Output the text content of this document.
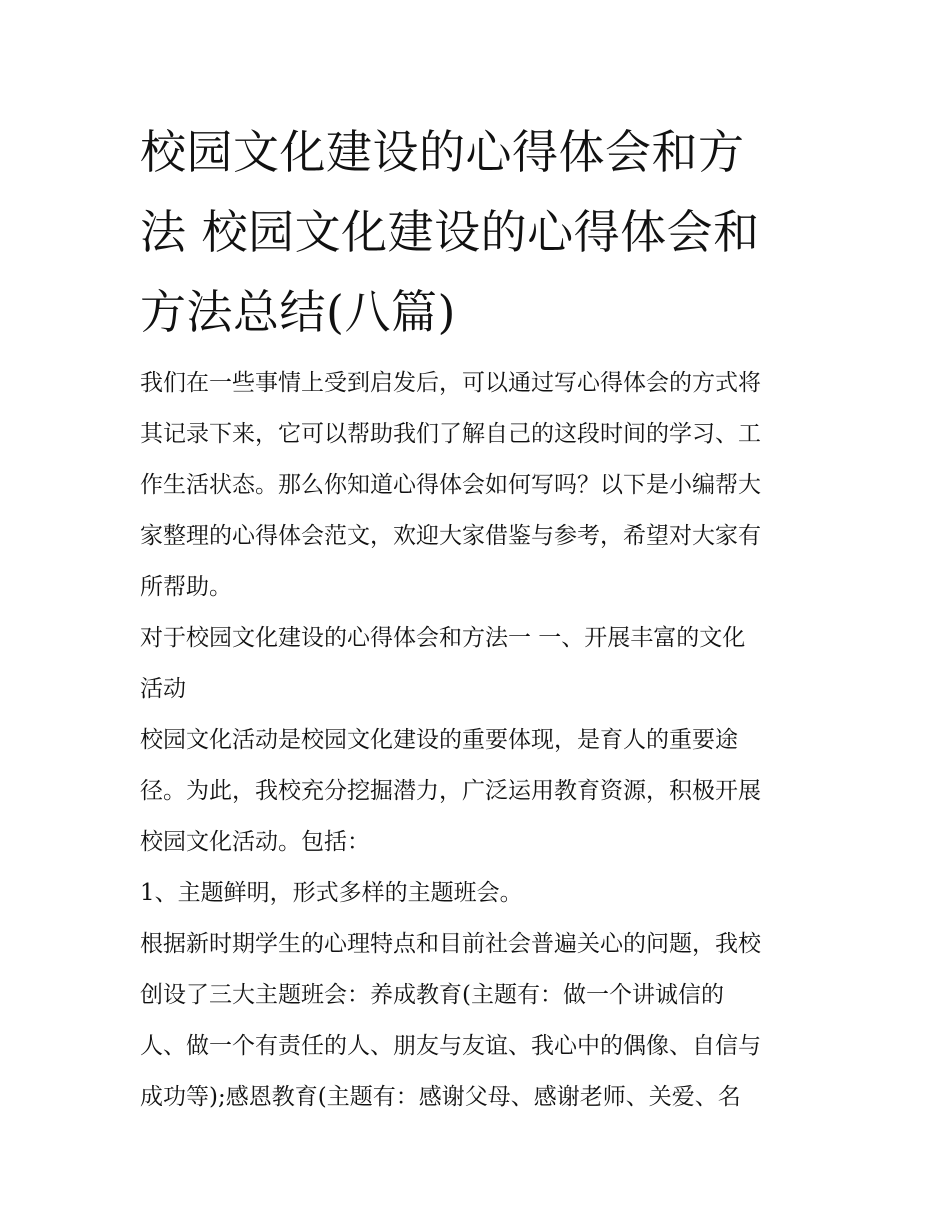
校园文化建设的心得体会和方

法 校园文化建设的心得体会和

方法总结(八篇)

我们在一些事情上受到启发后，可以通过写心得体会的方式将

其记录下来，它可以帮助我们了解自己的这段时间的学习、工

作生活状态。那么你知道心得体会如何写吗？以下是小编帮大

家整理的心得体会范文，欢迎大家借鉴与参考，希望对大家有

所帮助。

对于校园文化建设的心得体会和方法一 一、开展丰富的文化

活动

校园文化活动是校园文化建设的重要体现，是育人的重要途

径。为此，我校充分挖掘潜力，广泛运用教育资源，积极开展

校园文化活动。包括：

1、主题鲜明，形式多样的主题班会。

根据新时期学生的心理特点和目前社会普遍关心的问题，我校

创设了三大主题班会：养成教育(主题有：做一个讲诚信的

人、做一个有责任的人、朋友与友谊、我心中的偶像、自信与

成功等);感恩教育(主题有：感谢父母、感谢老师、关爱、名
